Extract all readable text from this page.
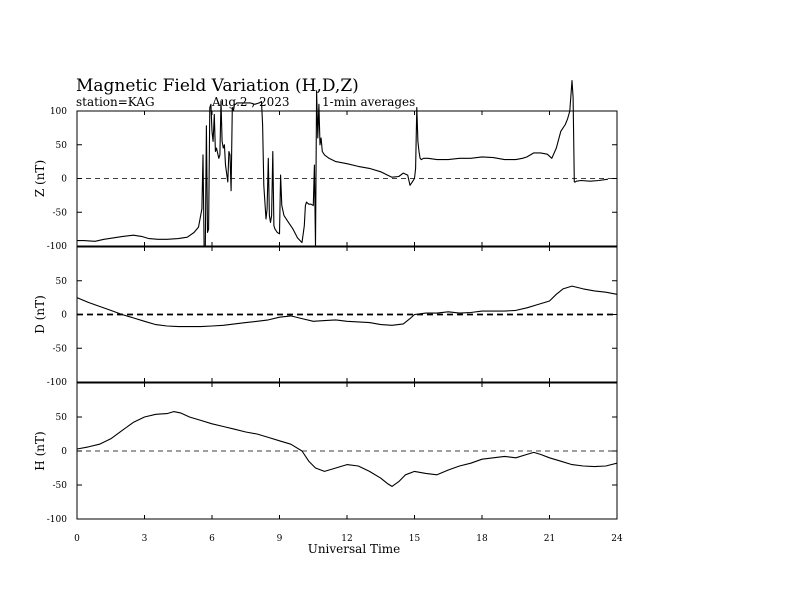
Magnetic Field Variation (H,D,Z)
station=KAG	Aug.2 , 2023	1-min averages
100
50
0
-50
-100
Z (nT)
50
0
-50
-100
D (nT)
50
0
-50
-100
H (nT)
0	3	6	9	12	15	18	21	24
Universal Time
